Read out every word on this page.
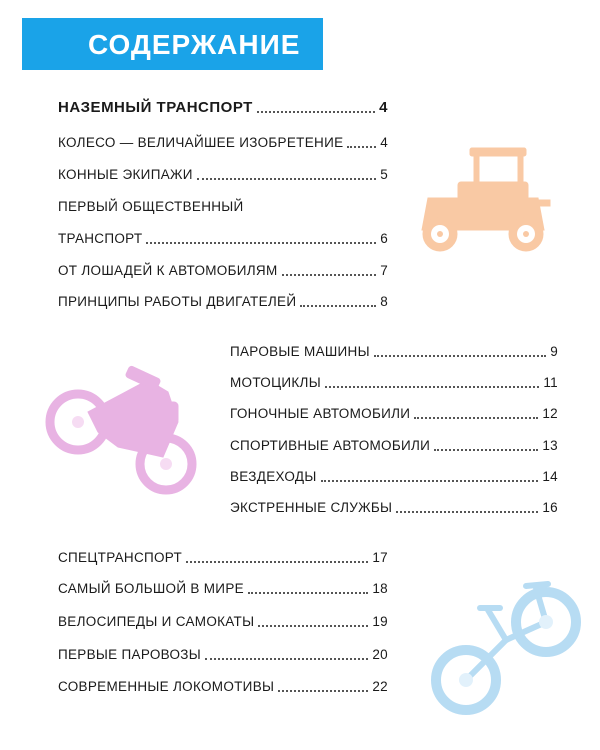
СОДЕРЖАНИЕ
НАЗЕМНЫЙ ТРАНСПОРТ	4
КОЛЕСО — ВЕЛИЧАЙШЕЕ ИЗОБРЕТЕНИЕ	4
КОННЫЕ ЭКИПАЖИ	5
ПЕРВЫЙ ОБЩЕСТВЕННЫЙ
ТРАНСПОРТ	6
ОТ ЛОШАДЕЙ К АВТОМОБИЛЯМ	7
ПРИНЦИПЫ РАБОТЫ ДВИГАТЕЛЕЙ	8
ПАРОВЫЕ МАШИНЫ	9
МОТОЦИКЛЫ	11
ГОНОЧНЫЕ АВТОМОБИЛИ	12
СПОРТИВНЫЕ АВТОМОБИЛИ	13
ВЕЗДЕХОДЫ	14
ЭКСТРЕННЫЕ СЛУЖБЫ	16
СПЕЦТРАНСПОРТ	17
САМЫЙ БОЛЬШОЙ В МИРЕ	18
ВЕЛОСИПЕДЫ И САМОКАТЫ	19
ПЕРВЫЕ ПАРОВОЗЫ	20
СОВРЕМЕННЫЕ ЛОКОМОТИВЫ	22
